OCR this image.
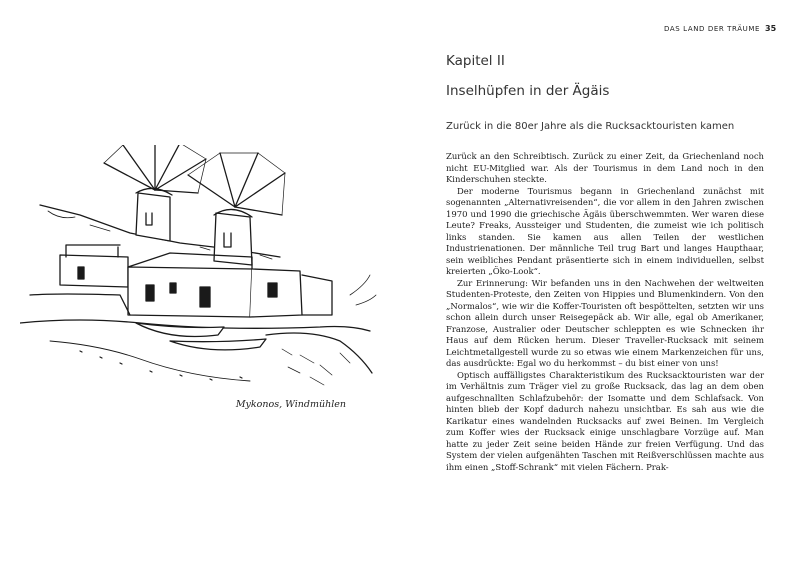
Mykonos, Windmühlen
DAS LAND DER TRÄUME 35
Kapitel II
Inselhüpfen in der Ägäis
Zurück in die 80er Jahre als die Rucksacktouristen kamen

Zurück an den Schreibtisch. Zurück zu einer Zeit, da Griechenland noch nicht EU-Mitglied war. Als der Tourismus in dem Land noch in den Kinderschuhen steckte.

Der moderne Tourismus begann in Griechenland zunächst mit sogenannten „Alternativreisenden“, die vor allem in den Jahren zwischen 1970 und 1990 die griechische Ägäis überschwemmten. Wer waren diese Leute? Freaks, Aussteiger und Studenten, die zumeist wie ich politisch links standen. Sie kamen aus allen Teilen der westlichen Industrienationen. Der männliche Teil trug Bart und langes Haupthaar, sein weibliches Pendant präsentierte sich in einem individuellen, selbst kreierten „Öko-Look“.

Zur Erinnerung: Wir befanden uns in den Nachwehen der weltweiten Studenten-Proteste, den Zeiten von Hippies und Blumenkindern. Von den „Normalos“, wie wir die Koffer-Touristen oft bespöttelten, setzten wir uns schon allein durch unser Reisegepäck ab. Wir alle, egal ob Amerikaner, Franzose, Australier oder Deutscher schleppten es wie Schnecken ihr Haus auf dem Rücken herum. Dieser Traveller-Rucksack mit seinem Leichtmetallgestell wurde zu so etwas wie einem Markenzeichen für uns, das ausdrückte: Egal wo du herkommst – du bist einer von uns!

Optisch auffälligstes Charakteristikum des Rucksacktouristen war der im Verhältnis zum Träger viel zu große Rucksack, das lag an dem oben aufgeschnallten Schlafzubehör: der Isomatte und dem Schlafsack. Von hinten blieb der Kopf dadurch nahezu unsichtbar. Es sah aus wie die Karikatur eines wandelnden Rucksacks auf zwei Beinen. Im Vergleich zum Koffer wies der Rucksack einige unschlagbare Vorzüge auf. Man hatte zu jeder Zeit seine beiden Hände zur freien Verfügung. Und das System der vielen aufgenähten Taschen mit Reißverschlüssen machte aus ihm einen „Stoff-Schrank“ mit vielen Fächern. Prak-
